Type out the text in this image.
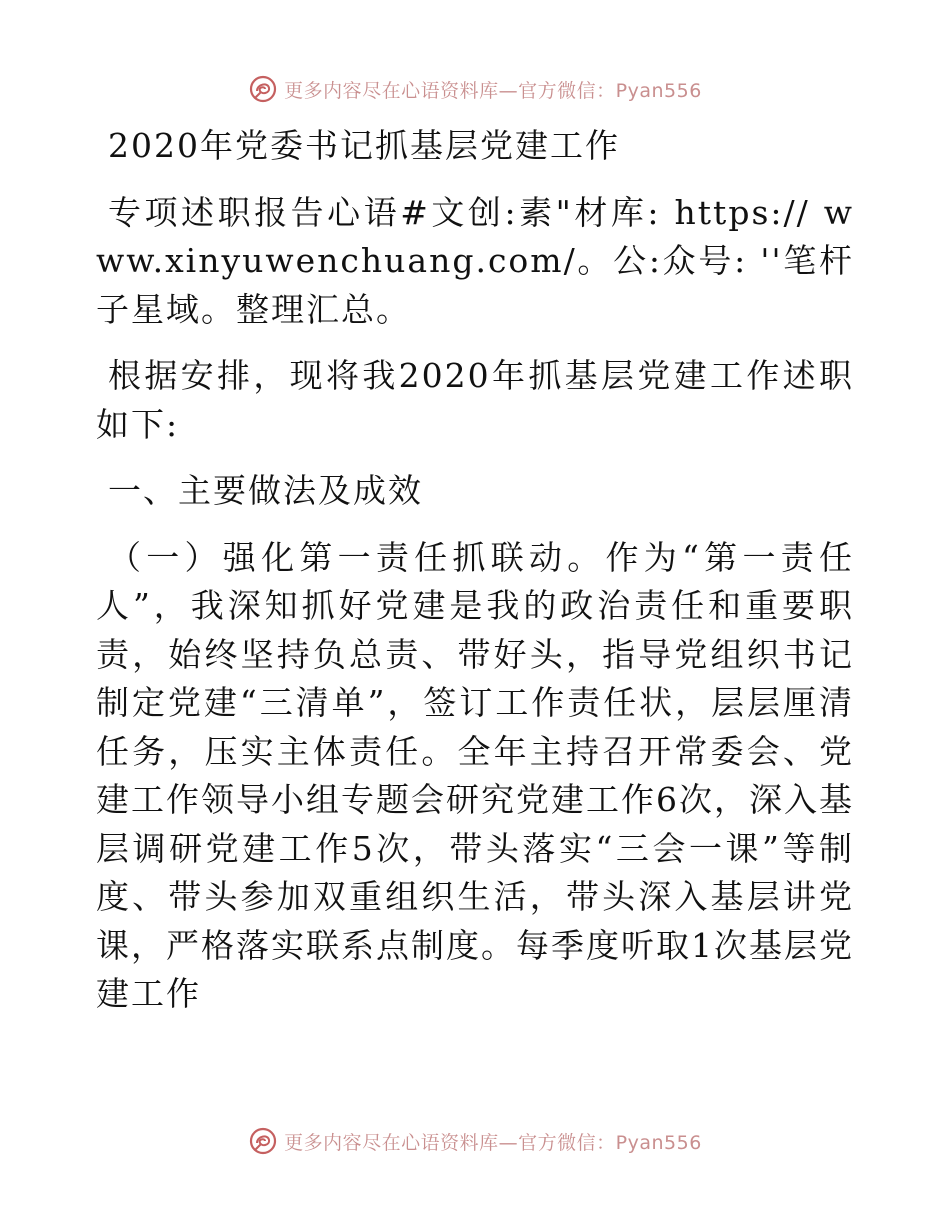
更多内容尽在心语资料库—官方微信：Pyan556

2020年党委书记抓基层党建工作

专项述职报告心语#文创:素"材库: https:// www.xinyuwenchuang.com/。公:众号: ''笔杆子星域。整理汇总。

根据安排，现将我2020年抓基层党建工作述职如下:

一、主要做法及成效

（一）强化第一责任抓联动。作为“第一责任人”，我深知抓好党建是我的政治责任和重要职责，始终坚持负总责、带好头，指导党组织书记制定党建“三清单”，签订工作责任状，层层厘清任务，压实主体责任。全年主持召开常委会、党建工作领导小组专题会研究党建工作6次，深入基层调研党建工作5次，带头落实“三会一课”等制度、带头参加双重组织生活，带头深入基层讲党课，严格落实联系点制度。每季度听取1次基层党建工作

更多内容尽在心语资料库—官方微信：Pyan556
